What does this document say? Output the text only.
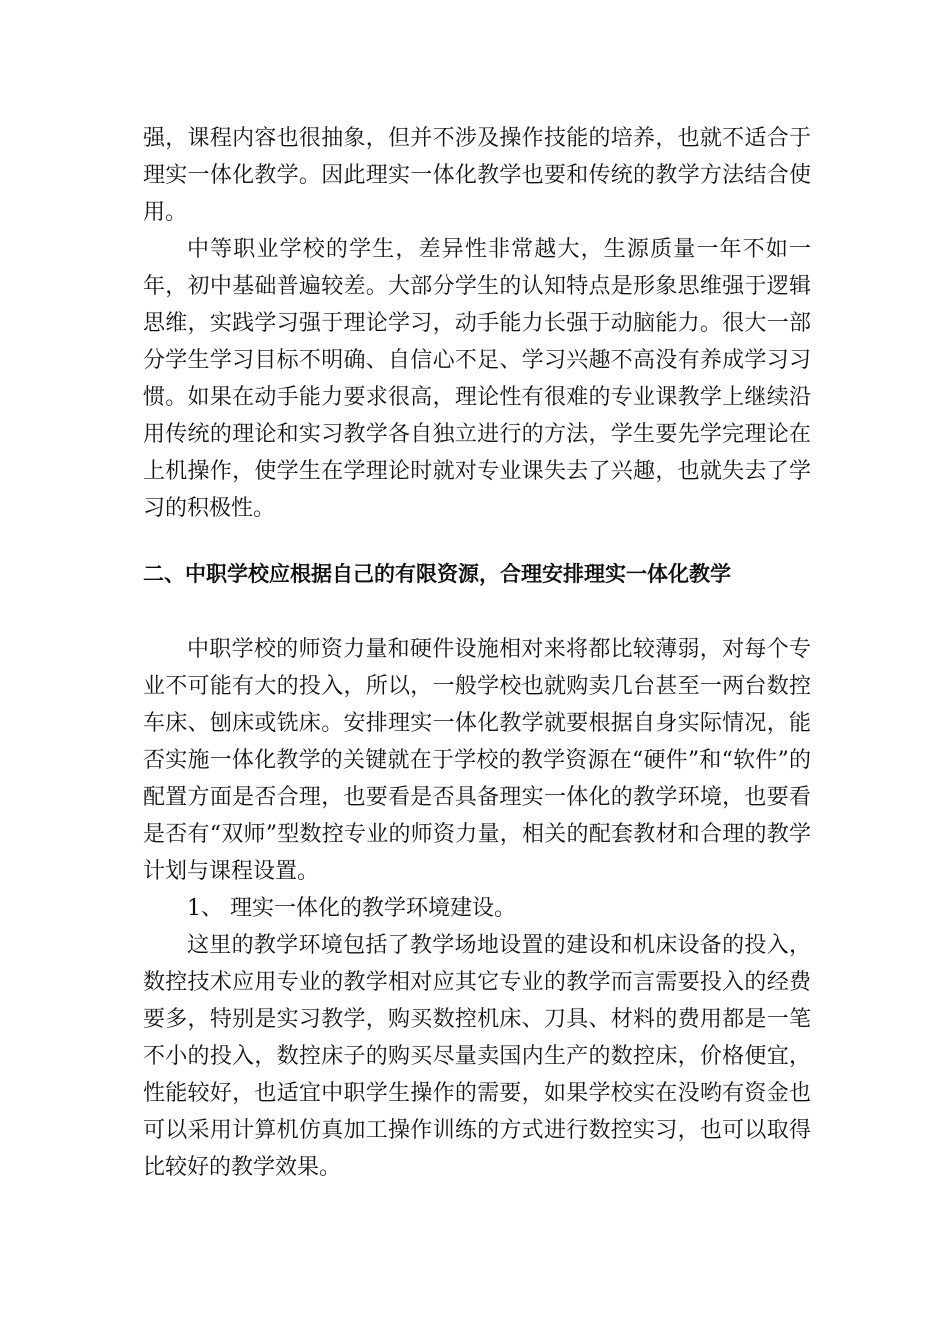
强，课程内容也很抽象，但并不涉及操作技能的培养，也就不适合于理实一体化教学。因此理实一体化教学也要和传统的教学方法结合使用。

中等职业学校的学生，差异性非常越大，生源质量一年不如一年，初中基础普遍较差。大部分学生的认知特点是形象思维强于逻辑思维，实践学习强于理论学习，动手能力长强于动脑能力。很大一部分学生学习目标不明确、自信心不足、学习兴趣不高没有养成学习习惯。如果在动手能力要求很高，理论性有很难的专业课教学上继续沿用传统的理论和实习教学各自独立进行的方法，学生要先学完理论在上机操作，使学生在学理论时就对专业课失去了兴趣，也就失去了学习的积极性。

二、中职学校应根据自己的有限资源，合理安排理实一体化教学

中职学校的师资力量和硬件设施相对来将都比较薄弱，对每个专业不可能有大的投入，所以，一般学校也就购卖几台甚至一两台数控车床、刨床或铣床。安排理实一体化教学就要根据自身实际情况，能否实施一体化教学的关键就在于学校的教学资源在“硬件”和“软件”的配置方面是否合理，也要看是否具备理实一体化的教学环境，也要看是否有“双师”型数控专业的师资力量，相关的配套教材和合理的教学计划与课程设置。

1、 理实一体化的教学环境建设。

这里的教学环境包括了教学场地设置的建设和机床设备的投入，数控技术应用专业的教学相对应其它专业的教学而言需要投入的经费要多，特别是实习教学，购买数控机床、刀具、材料的费用都是一笔不小的投入，数控床子的购买尽量卖国内生产的数控床，价格便宜，性能较好，也适宜中职学生操作的需要，如果学校实在没哟有资金也可以采用计算机仿真加工操作训练的方式进行数控实习，也可以取得比较好的教学效果。
